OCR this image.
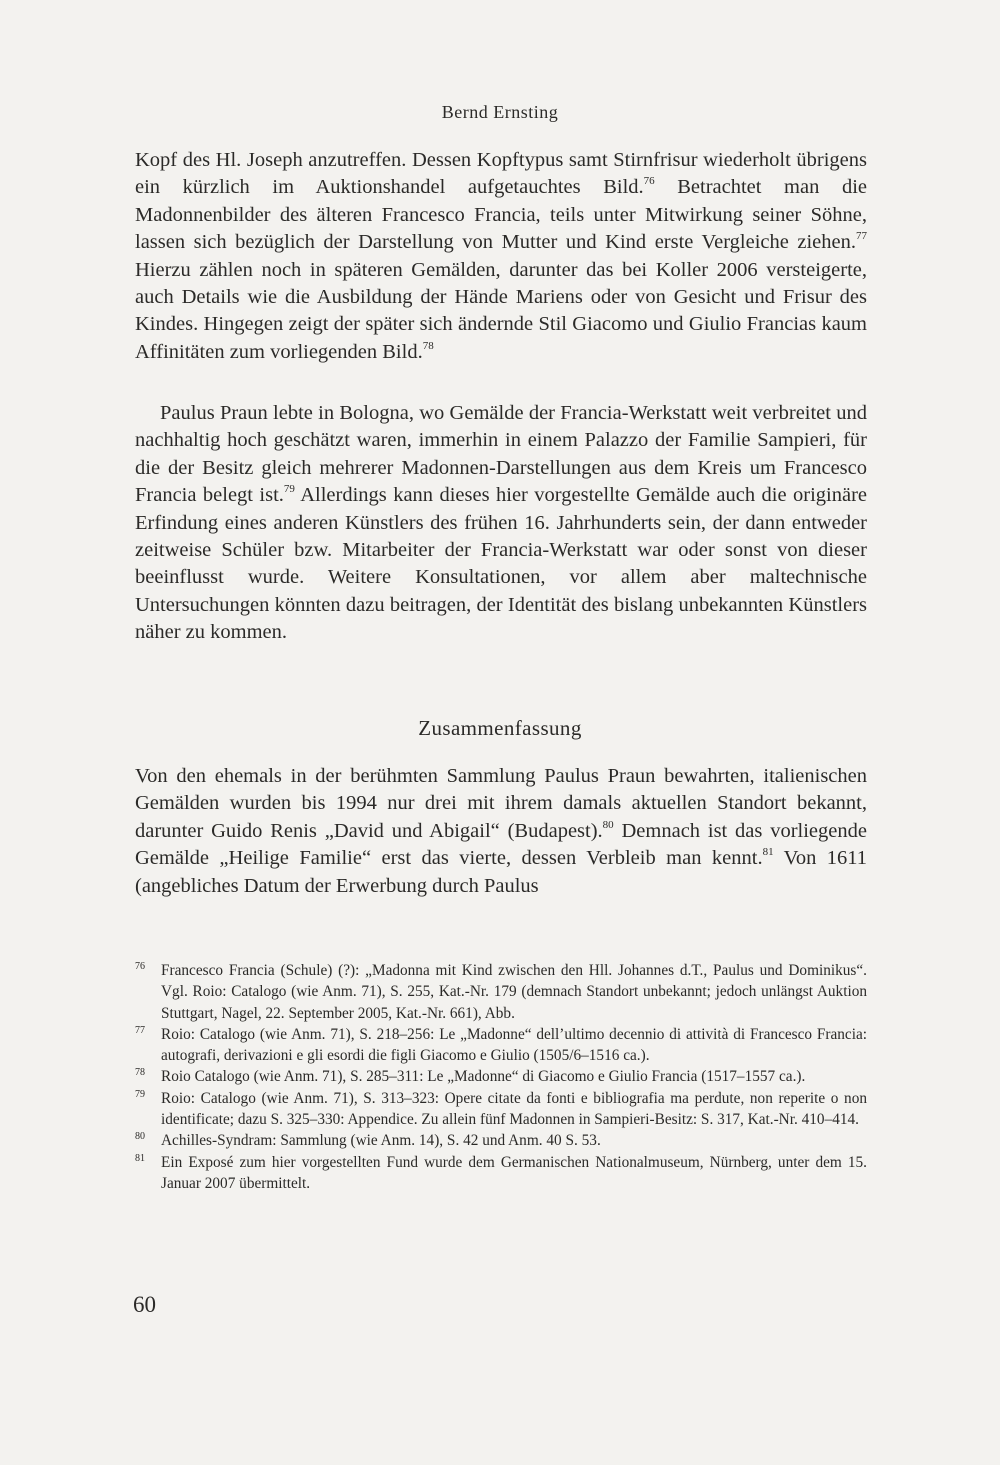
Bernd Ernsting
Kopf des Hl. Joseph anzutreffen. Dessen Kopftypus samt Stirnfrisur wiederholt übrigens ein kürzlich im Auktionshandel aufgetauchtes Bild.$^{76}$ Betrachtet man die Madonnenbilder des älteren Francesco Francia, teils unter Mitwirkung seiner Söhne, lassen sich bezüglich der Darstellung von Mutter und Kind erste Vergleiche ziehen.$^{77}$ Hierzu zählen noch in späteren Gemälden, darunter das bei Koller 2006 versteigerte, auch Details wie die Ausbildung der Hände Mariens oder von Gesicht und Frisur des Kindes. Hingegen zeigt der später sich ändernde Stil Giacomo und Giulio Francias kaum Affinitäten zum vorliegenden Bild.$^{78}$
Paulus Praun lebte in Bologna, wo Gemälde der Francia-Werkstatt weit verbreitet und nachhaltig hoch geschätzt waren, immerhin in einem Palazzo der Familie Sampieri, für die der Besitz gleich mehrerer Madonnen-Darstellungen aus dem Kreis um Francesco Francia belegt ist.$^{79}$ Allerdings kann dieses hier vorgestellte Gemälde auch die originäre Erfindung eines anderen Künstlers des frühen 16. Jahrhunderts sein, der dann entweder zeitweise Schüler bzw. Mitarbeiter der Francia-Werkstatt war oder sonst von dieser beeinflusst wurde. Weitere Konsultationen, vor allem aber maltechnische Untersuchungen könnten dazu beitragen, der Identität des bislang unbekannten Künstlers näher zu kommen.
Zusammenfassung
Von den ehemals in der berühmten Sammlung Paulus Praun bewahrten, italienischen Gemälden wurden bis 1994 nur drei mit ihrem damals aktuellen Standort bekannt, darunter Guido Renis „David und Abigail“ (Budapest).$^{80}$ Demnach ist das vorliegende Gemälde „Heilige Familie“ erst das vierte, dessen Verbleib man kennt.$^{81}$ Von 1611 (angebliches Datum der Erwerbung durch Paulus
76 Francesco Francia (Schule) (?): „Madonna mit Kind zwischen den Hll. Johannes d.T., Paulus und Dominikus“. Vgl. Roio: Catalogo (wie Anm. 71), S. 255, Kat.-Nr. 179 (demnach Standort unbekannt; jedoch unlängst Auktion Stuttgart, Nagel, 22. September 2005, Kat.-Nr. 661), Abb.
77 Roio: Catalogo (wie Anm. 71), S. 218–256: Le „Madonne“ dell’ultimo decennio di attività di Francesco Francia: autografi, derivazioni e gli esordi die figli Giacomo e Giulio (1505/6–1516 ca.).
78 Roio Catalogo (wie Anm. 71), S. 285–311: Le „Madonne“ di Giacomo e Giulio Francia (1517–1557 ca.).
79 Roio: Catalogo (wie Anm. 71), S. 313–323: Opere citate da fonti e bibliografia ma perdute, non reperite o non identificate; dazu S. 325–330: Appendice. Zu allein fünf Madonnen in Sampieri-Besitz: S. 317, Kat.-Nr. 410–414.
80 Achilles-Syndram: Sammlung (wie Anm. 14), S. 42 und Anm. 40 S. 53.
81 Ein Exposé zum hier vorgestellten Fund wurde dem Germanischen Nationalmuseum, Nürnberg, unter dem 15. Januar 2007 übermittelt.
60
